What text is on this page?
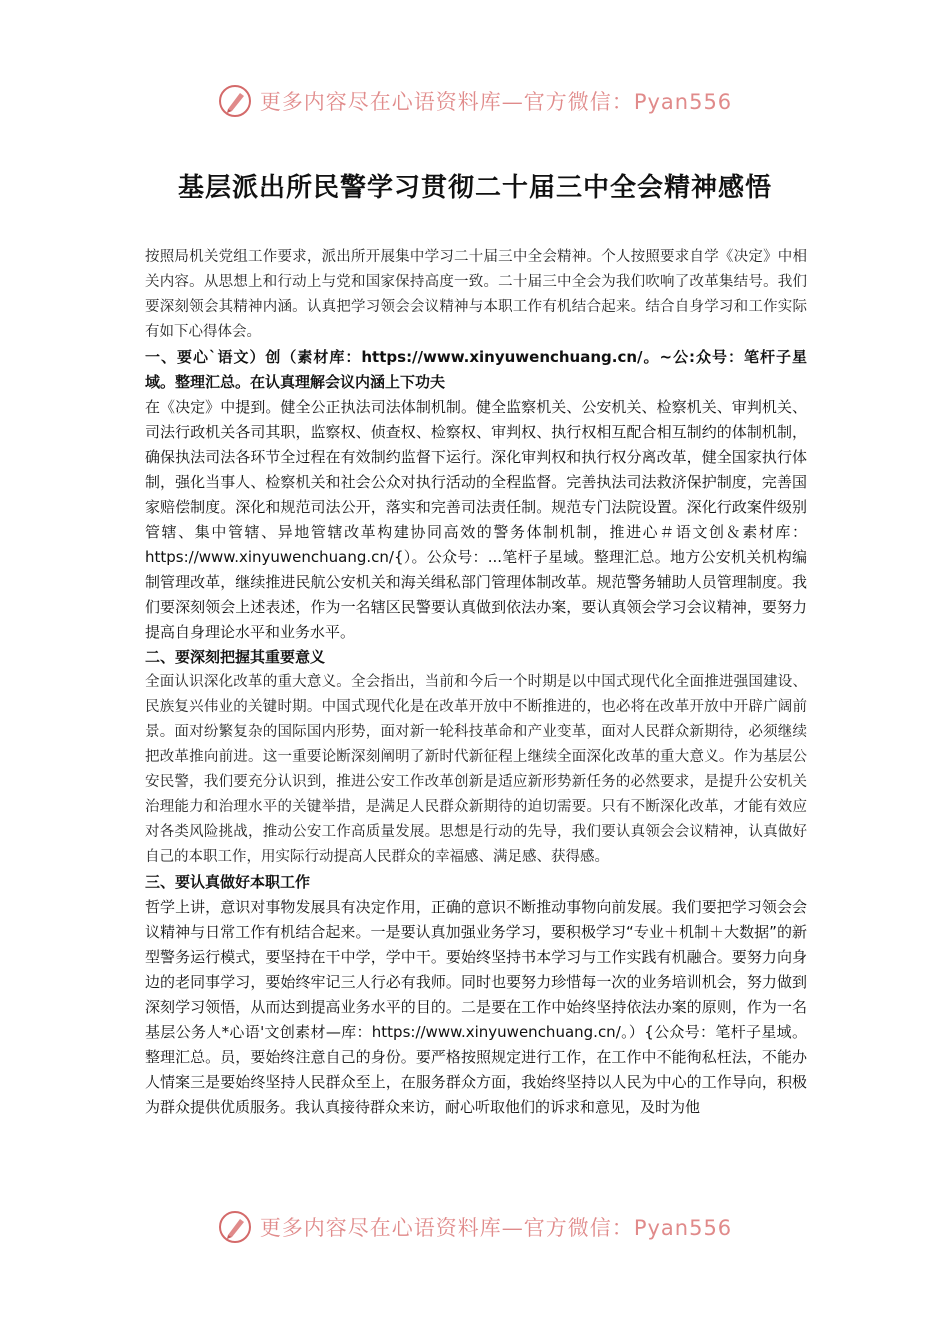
更多内容尽在心语资料库—官方微信：Pyan556
基层派出所民警学习贯彻二十届三中全会精神感悟

按照局机关党组工作要求，派出所开展集中学习二十届三中全会精神。个人按照要求自学《决定》中相关内容。从思想上和行动上与党和国家保持高度一致。二十届三中全会为我们吹响了改革集结号。我们要深刻领会其精神内涵。认真把学习领会会议精神与本职工作有机结合起来。结合自身学习和工作实际有如下心得体会。

一、要心`语文）创（素材库：https://www.xinyuwenchuang.cn/。~公:众号：笔杆子星域。整理汇总。在认真理解会议内涵上下功夫

在《决定》中提到。健全公正执法司法体制机制。健全监察机关、公安机关、检察机关、审判机关、司法行政机关各司其职，监察权、侦查权、检察权、审判权、执行权相互配合相互制约的体制机制，确保执法司法各环节全过程在有效制约监督下运行。深化审判权和执行权分离改革，健全国家执行体制，强化当事人、检察机关和社会公众对执行活动的全程监督。完善执法司法救济保护制度，完善国家赔偿制度。深化和规范司法公开，落实和完善司法责任制。规范专门法院设置。深化行政案件级别管辖、集中管辖、异地管辖改革构建协同高效的警务体制机制，推进心＃语文创＆素材库：https://www.xinyuwenchuang.cn/{）。公众号：...笔杆子星域。整理汇总。地方公安机关机构编制管理改革，继续推进民航公安机关和海关缉私部门管理体制改革。规范警务辅助人员管理制度。我们要深刻领会上述表述，作为一名辖区民警要认真做到依法办案，要认真领会学习会议精神，要努力提高自身理论水平和业务水平。

二、要深刻把握其重要意义

全面认识深化改革的重大意义。全会指出，当前和今后一个时期是以中国式现代化全面推进强国建设、民族复兴伟业的关键时期。中国式现代化是在改革开放中不断推进的，也必将在改革开放中开辟广阔前景。面对纷繁复杂的国际国内形势，面对新一轮科技革命和产业变革，面对人民群众新期待，必须继续把改革推向前进。这一重要论断深刻阐明了新时代新征程上继续全面深化改革的重大意义。作为基层公安民警，我们要充分认识到，推进公安工作改革创新是适应新形势新任务的必然要求，是提升公安机关治理能力和治理水平的关键举措，是满足人民群众新期待的迫切需要。只有不断深化改革，才能有效应对各类风险挑战，推动公安工作高质量发展。思想是行动的先导，我们要认真领会会议精神，认真做好自己的本职工作，用实际行动提高人民群众的幸福感、满足感、获得感。

三、要认真做好本职工作

哲学上讲，意识对事物发展具有决定作用，正确的意识不断推动事物向前发展。我们要把学习领会会议精神与日常工作有机结合起来。一是要认真加强业务学习，要积极学习“专业＋机制＋大数据”的新型警务运行模式，要坚持在干中学，学中干。要始终坚持书本学习与工作实践有机融合。要努力向身边的老同事学习，要始终牢记三人行必有我师。同时也要努力珍惜每一次的业务培训机会，努力做到深刻学习领悟，从而达到提高业务水平的目的。二是要在工作中始终坚持依法办案的原则，作为一名基层公务人*心语'文创素材—库：https://www.xinyuwenchuang.cn/。）{公众号：笔杆子星域。整理汇总。员，要始终注意自己的身份。要严格按照规定进行工作，在工作中不能徇私枉法，不能办人情案三是要始终坚持人民群众至上，在服务群众方面，我始终坚持以人民为中心的工作导向，积极为群众提供优质服务。我认真接待群众来访，耐心听取他们的诉求和意见，及时为他

更多内容尽在心语资料库—官方微信：Pyan556
